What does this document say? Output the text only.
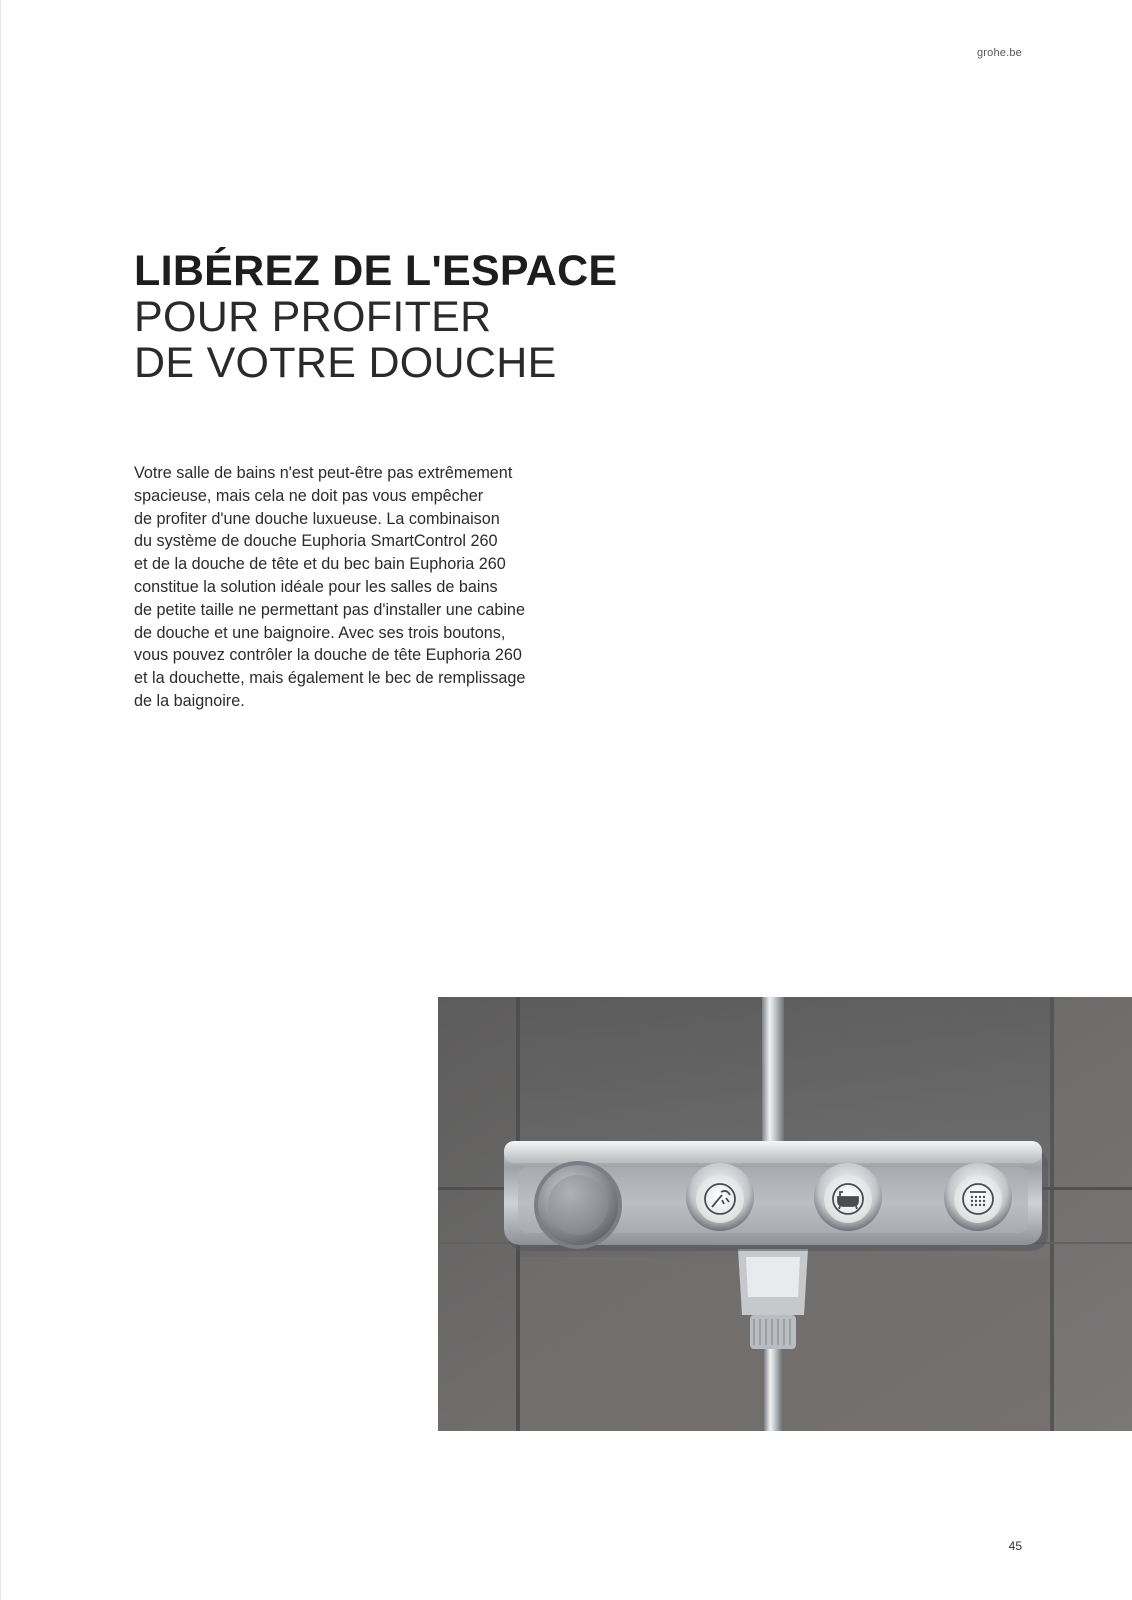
grohe.be
LIBÉREZ DE L'ESPACE
POUR PROFITER
DE VOTRE DOUCHE
Votre salle de bains n'est peut-être pas extrêmement
spacieuse, mais cela ne doit pas vous empêcher
de profiter d'une douche luxueuse. La combinaison
du système de douche Euphoria SmartControl 260
et de la douche de tête et du bec bain Euphoria 260
constitue la solution idéale pour les salles de bains
de petite taille ne permettant pas d'installer une cabine
de douche et une baignoire. Avec ses trois boutons,
vous pouvez contrôler la douche de tête Euphoria 260
et la douchette, mais également le bec de remplissage
de la baignoire.
45
